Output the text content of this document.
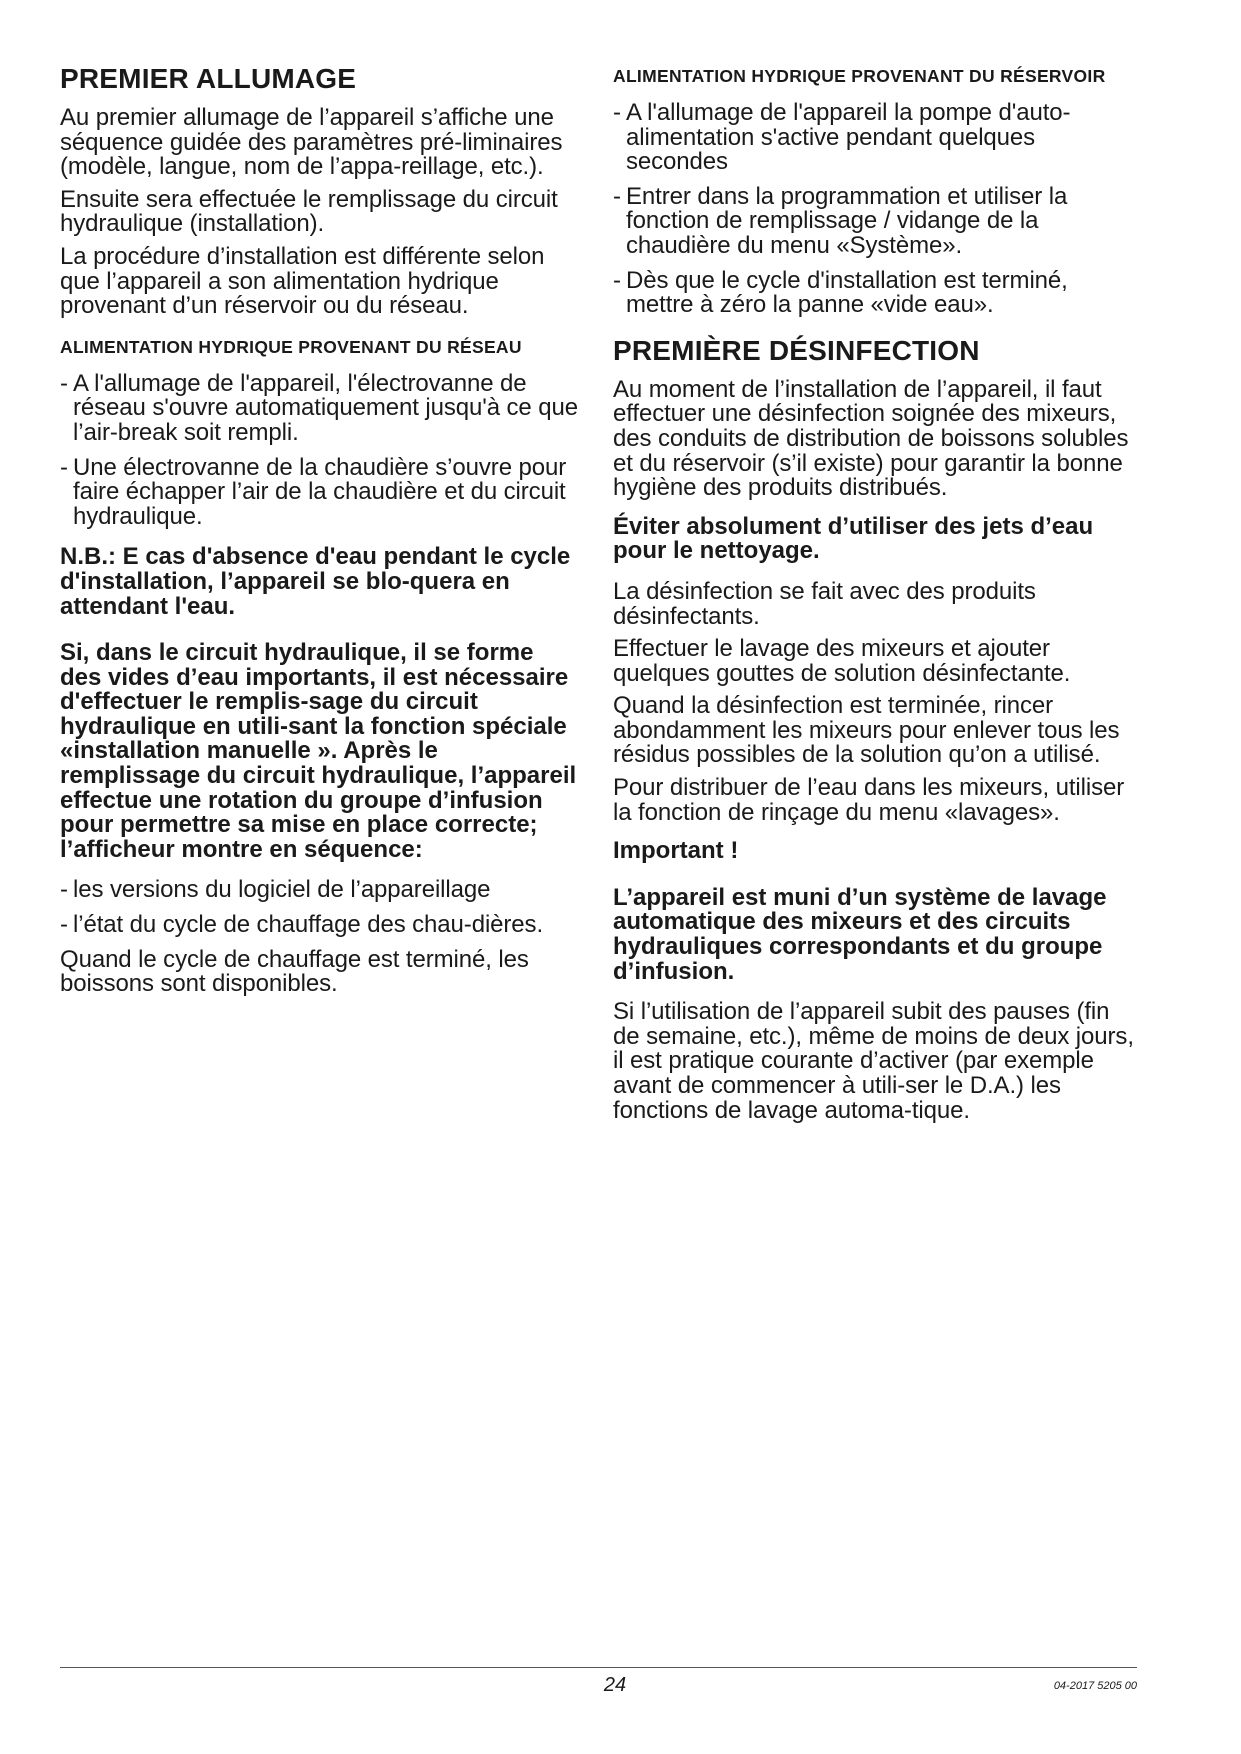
PREMIER ALLUMAGE
Au premier allumage de l’appareil s’affiche une séquence guidée des paramètres pré-liminaires (modèle, langue, nom de l’appa-reillage, etc.).
Ensuite sera effectuée le remplissage du circuit hydraulique (installation).
La procédure d’installation est différente selon que l’appareil a son alimentation hydrique provenant d’un réservoir ou du réseau.
ALIMENTATION HYDRIQUE PROVENANT DU RÉSEAU
- A l'allumage de l'appareil, l'électrovanne de réseau s'ouvre automatiquement jusqu'à ce que l’air-break soit rempli.
- Une électrovanne de la chaudière s’ouvre pour faire échapper l’air de la chaudière et du circuit hydraulique.
N.B.: E cas d'absence d'eau pendant le cycle d'installation, l’appareil se blo-quera en attendant l'eau.
Si, dans le circuit hydraulique, il se forme des vides d’eau importants, il est nécessaire d'effectuer le remplis-sage du circuit hydraulique en utili-sant la fonction spéciale «installation manuelle ». Après le remplissage du circuit hydraulique, l’appareil effectue une rotation du groupe d’infusion pour permettre sa mise en place correcte; l’afficheur montre en séquence:
- les versions du logiciel de l’appareillage
- l’état du cycle de chauffage des chau-dières.
Quand le cycle de chauffage est terminé, les boissons sont disponibles.
ALIMENTATION HYDRIQUE PROVENANT DU RÉSERVOIR
- A l'allumage de l'appareil la pompe d'auto-alimentation s'active pendant quelques secondes
- Entrer dans la programmation et utiliser la fonction de remplissage / vidange de la chaudière du menu «Système».
- Dès que le cycle d'installation est terminé, mettre à zéro la panne «vide eau».
PREMIÈRE DÉSINFECTION
Au moment de l’installation de l’appareil, il faut effectuer une désinfection soignée des mixeurs, des conduits de distribution de boissons solubles et du réservoir (s’il existe) pour garantir la bonne hygiène des produits distribués.
Éviter absolument d’utiliser des jets d’eau pour le nettoyage.
La désinfection se fait avec des produits désinfectants.
Effectuer le lavage des mixeurs et ajouter quelques gouttes de solution désinfectante.
Quand la désinfection est terminée, rincer abondamment les mixeurs pour enlever tous les résidus possibles de la solution qu’on a utilisé.
Pour distribuer de l’eau dans les mixeurs, utiliser la fonction de rinçage du menu «lavages».
Important !
L’appareil est muni d’un système de lavage automatique des mixeurs et des circuits hydrauliques correspondants et du groupe d’infusion.
Si l’utilisation de l’appareil subit des pauses (fin de semaine, etc.), même de moins de deux jours, il est pratique courante d’activer (par exemple avant de commencer à utili-ser le D.A.) les fonctions de lavage automa-tique.
24	04-2017 5205 00
